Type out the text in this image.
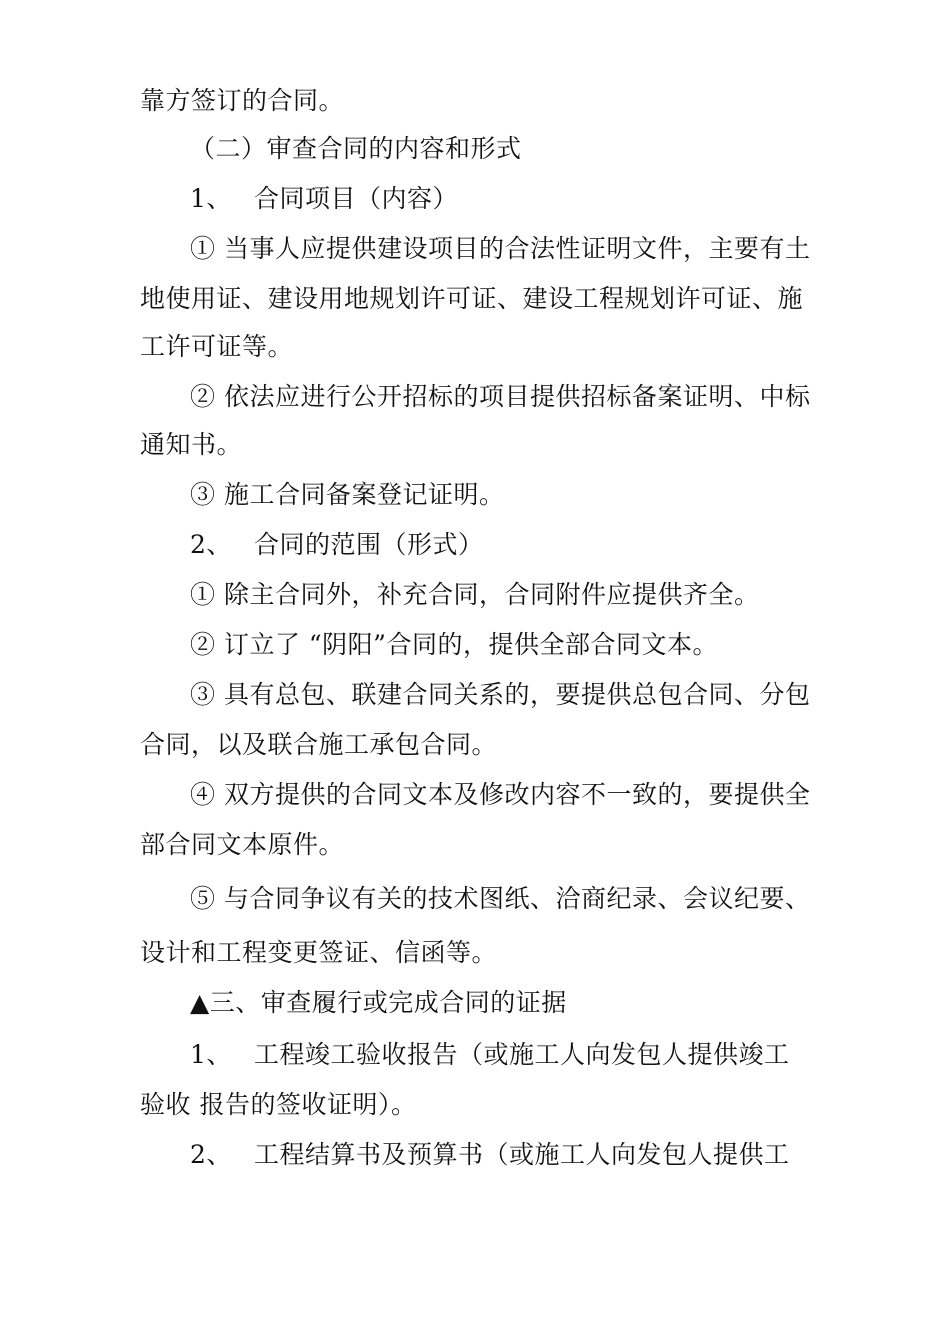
靠方签订的合同。
（二）审查合同的内容和形式
1、 合同项目（内容）
① 当事人应提供建设项目的合法性证明文件，主要有土
地使用证、建设用地规划许可证、建设工程规划许可证、施
工许可证等。
② 依法应进行公开招标的项目提供招标备案证明、中标
通知书。
③ 施工合同备案登记证明。
2、 合同的范围（形式）
① 除主合同外，补充合同，合同附件应提供齐全。
② 订立了 “阴阳”合同的，提供全部合同文本。
③ 具有总包、联建合同关系的，要提供总包合同、分包
合同，以及联合施工承包合同。
④ 双方提供的合同文本及修改内容不一致的，要提供全
部合同文本原件。
⑤ 与合同争议有关的技术图纸、洽商纪录、会议纪要、
设计和工程变更签证、信函等。
▲三、审查履行或完成合同的证据
1、 工程竣工验收报告（或施工人向发包人提供竣工
验收 报告的签收证明）。
2、 工程结算书及预算书（或施工人向发包人提供工
